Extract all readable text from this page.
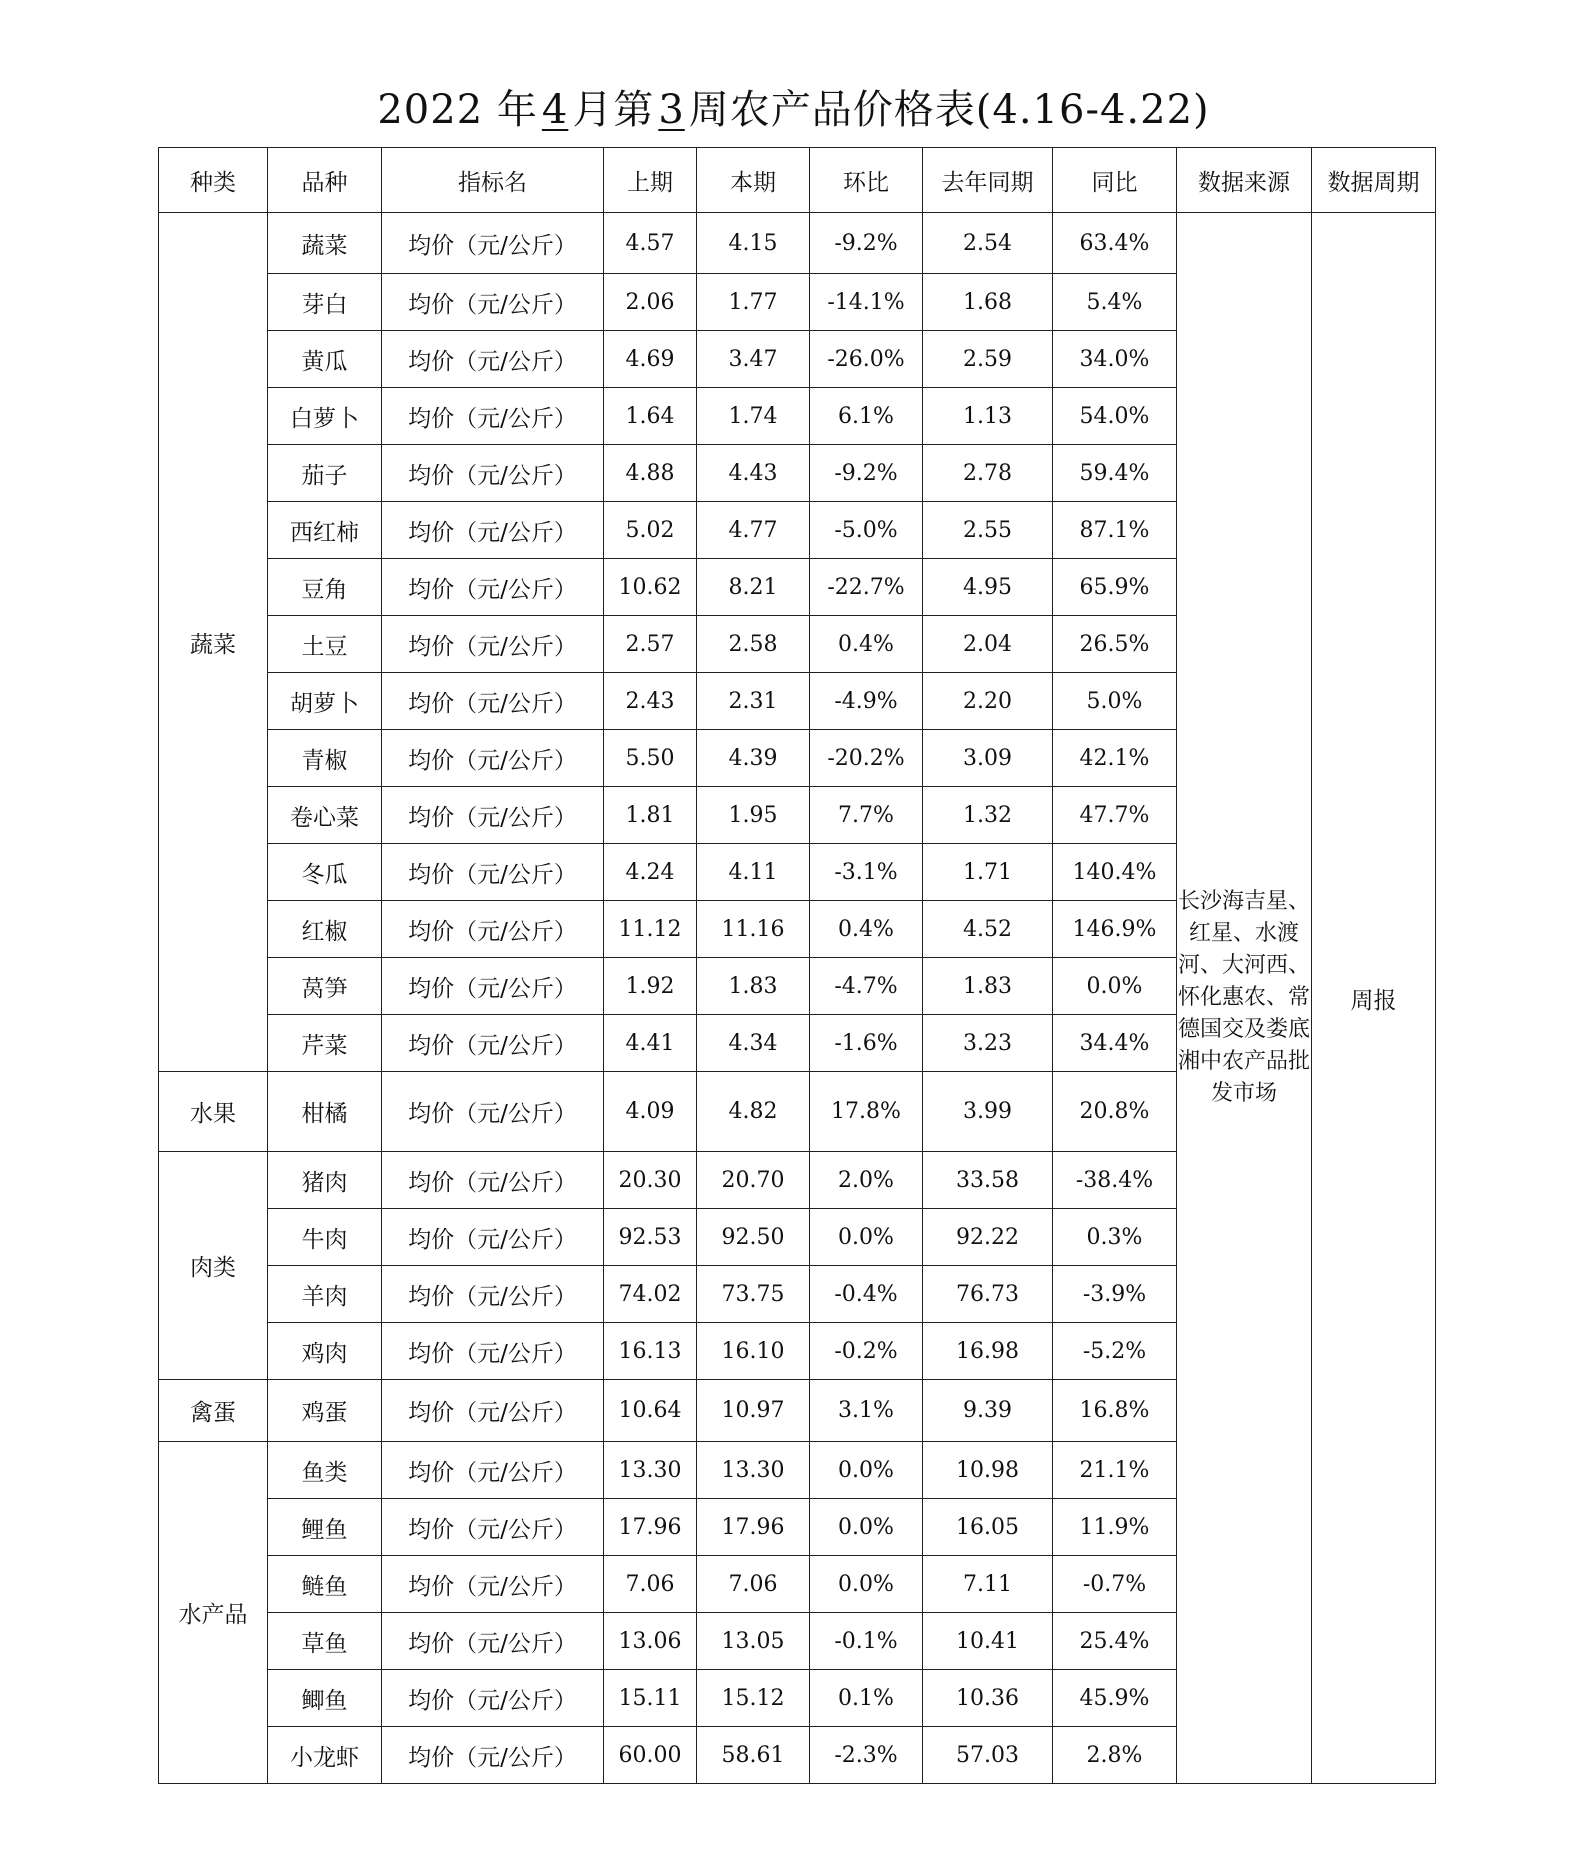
2022 年 4 月第 3 周农产品价格表(4.16-4.22)
种类	品种	指标名	上期	本期	环比	去年同期	同比	数据来源	数据周期
蔬菜	蔬菜	均价（元/公斤）	4.57	4.15	-9.2%	2.54	63.4%	长沙海吉星、红星、水渡河、大河西、怀化惠农、常德国交及娄底湘中农产品批发市场	周报
	芽白	均价（元/公斤）	2.06	1.77	-14.1%	1.68	5.4%		
	黄瓜	均价（元/公斤）	4.69	3.47	-26.0%	2.59	34.0%		
	白萝卜	均价（元/公斤）	1.64	1.74	6.1%	1.13	54.0%		
	茄子	均价（元/公斤）	4.88	4.43	-9.2%	2.78	59.4%		
	西红柿	均价（元/公斤）	5.02	4.77	-5.0%	2.55	87.1%		
	豆角	均价（元/公斤）	10.62	8.21	-22.7%	4.95	65.9%		
	土豆	均价（元/公斤）	2.57	2.58	0.4%	2.04	26.5%		
	胡萝卜	均价（元/公斤）	2.43	2.31	-4.9%	2.20	5.0%		
	青椒	均价（元/公斤）	5.50	4.39	-20.2%	3.09	42.1%		
	卷心菜	均价（元/公斤）	1.81	1.95	7.7%	1.32	47.7%		
	冬瓜	均价（元/公斤）	4.24	4.11	-3.1%	1.71	140.4%		
	红椒	均价（元/公斤）	11.12	11.16	0.4%	4.52	146.9%		
	莴笋	均价（元/公斤）	1.92	1.83	-4.7%	1.83	0.0%		
	芹菜	均价（元/公斤）	4.41	4.34	-1.6%	3.23	34.4%		
水果	柑橘	均价（元/公斤）	4.09	4.82	17.8%	3.99	20.8%		
肉类	猪肉	均价（元/公斤）	20.30	20.70	2.0%	33.58	-38.4%		
	牛肉	均价（元/公斤）	92.53	92.50	0.0%	92.22	0.3%		
	羊肉	均价（元/公斤）	74.02	73.75	-0.4%	76.73	-3.9%		
	鸡肉	均价（元/公斤）	16.13	16.10	-0.2%	16.98	-5.2%		
禽蛋	鸡蛋	均价（元/公斤）	10.64	10.97	3.1%	9.39	16.8%		
水产品	鱼类	均价（元/公斤）	13.30	13.30	0.0%	10.98	21.1%		
	鲤鱼	均价（元/公斤）	17.96	17.96	0.0%	16.05	11.9%		
	鲢鱼	均价（元/公斤）	7.06	7.06	0.0%	7.11	-0.7%		
	草鱼	均价（元/公斤）	13.06	13.05	-0.1%	10.41	25.4%		
	鲫鱼	均价（元/公斤）	15.11	15.12	0.1%	10.36	45.9%		
	小龙虾	均价（元/公斤）	60.00	58.61	-2.3%	57.03	2.8%		
